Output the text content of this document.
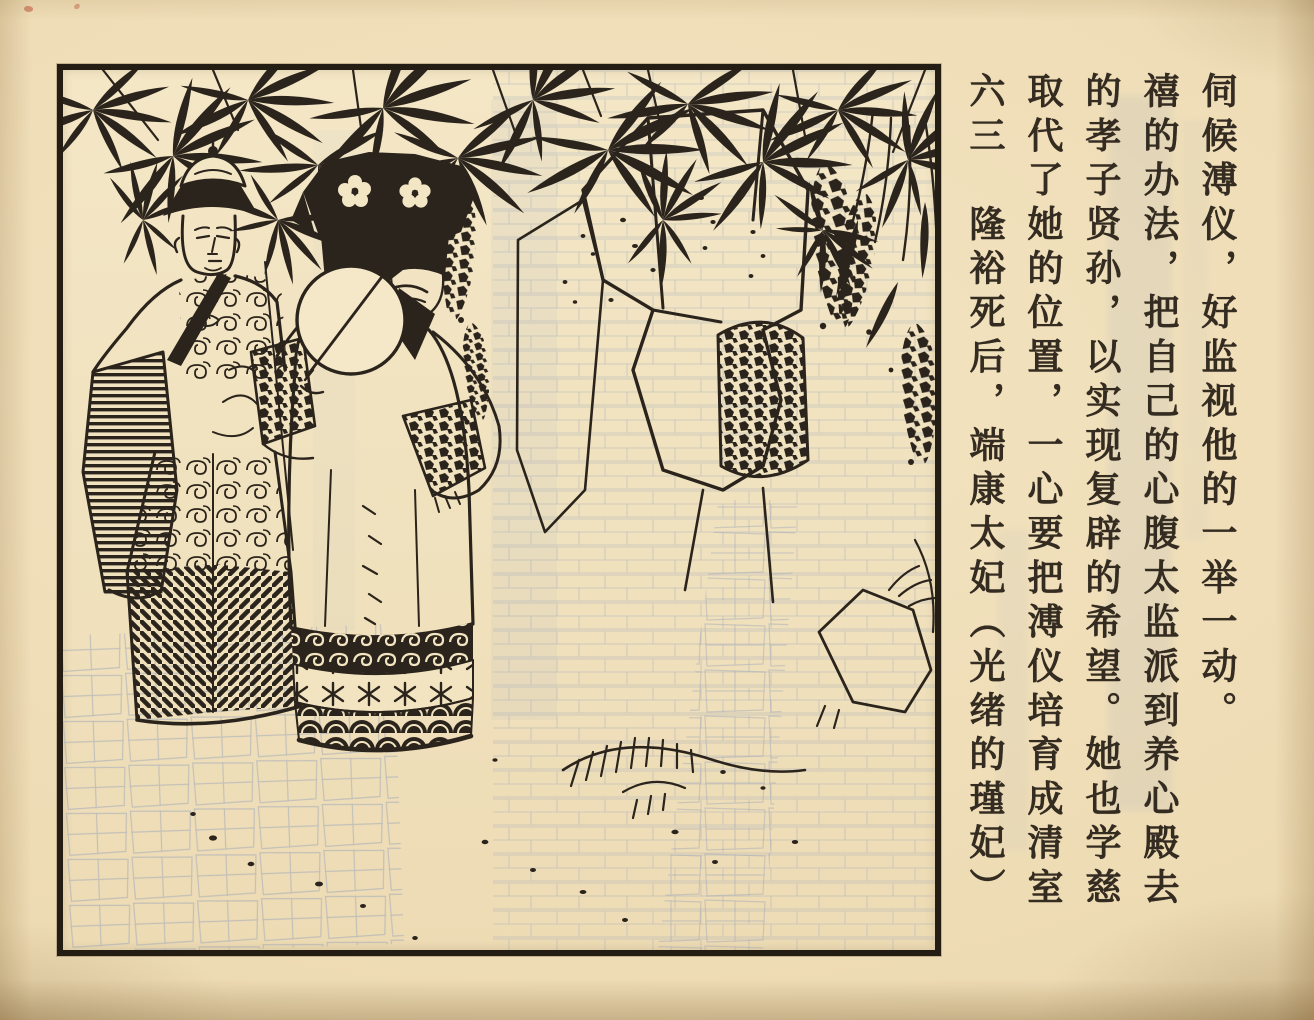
六三　隆裕死后，端康太妃（光绪的瑾妃） 取代了她的位置，一心要把溥仪培育成清室 的孝子贤孙，以实现复辟的希望。她也学慈 禧的办法，把自己的心腹太监派到养心殿去 伺候溥仪，好监视他的一举一动。
